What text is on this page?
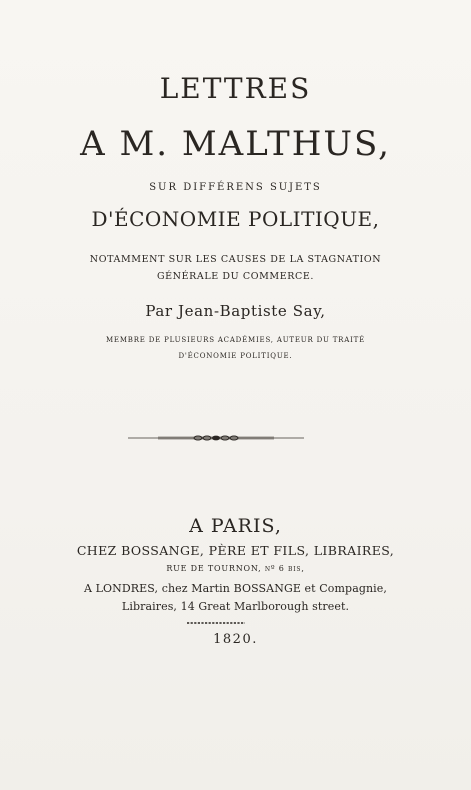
LETTRES
A M. MALTHUS,
SUR DIFFÉRENS SUJETS
D'ÉCONOMIE POLITIQUE,
NOTAMMENT SUR LES CAUSES DE LA STAGNATION
GÉNÉRALE DU COMMERCE.
Par Jean-Baptiste Say,
MEMBRE DE PLUSIEURS ACADÉMIES, AUTEUR DU TRAITÉ
D'ÉCONOMIE POLITIQUE.
A PARIS,
CHEZ BOSSANGE, PÈRE ET FILS, LIBRAIRES,
RUE DE TOURNON, nº 6 bis,
A LONDRES, chez Martin BOSSANGE et Compagnie,
Libraires, 14 Great Marlborough street.
1820.
